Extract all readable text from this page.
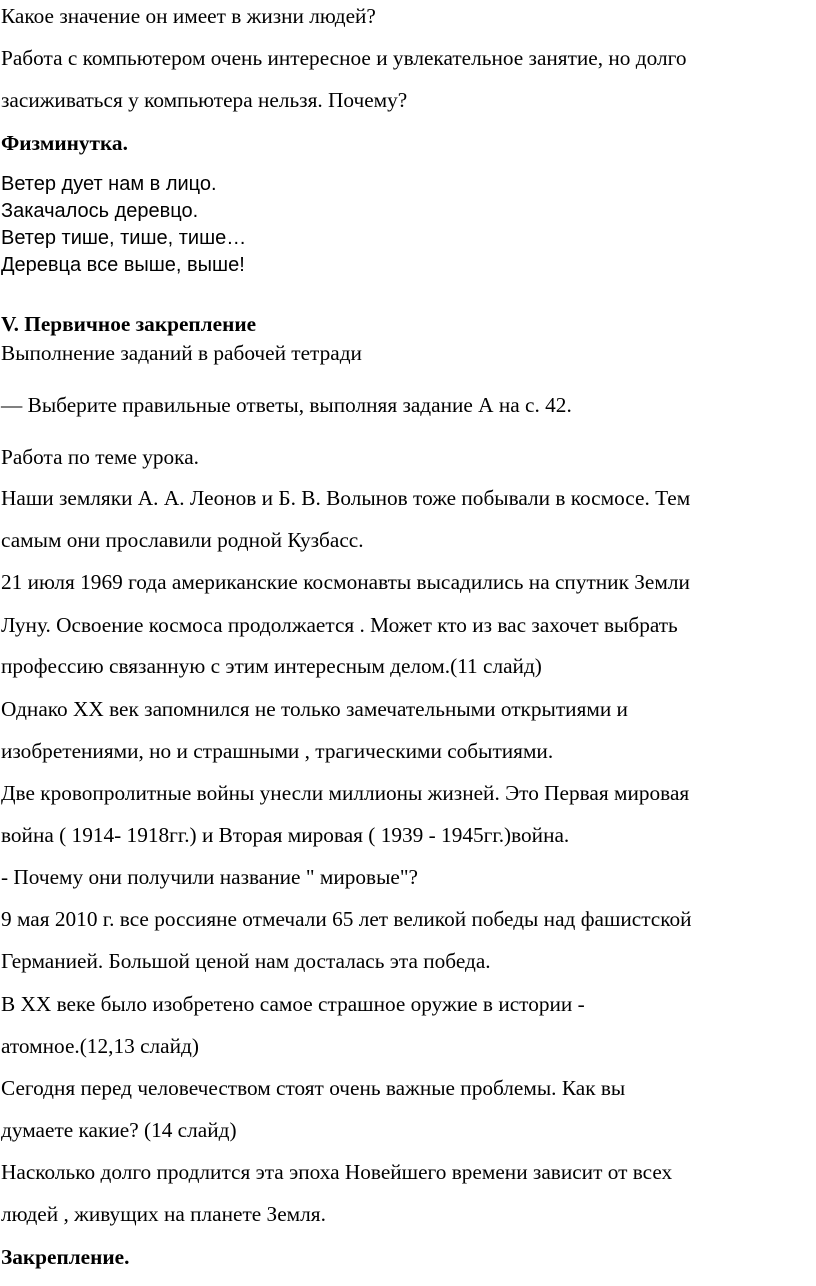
Какое значение он имеет в жизни людей?

Работа с компьютером очень интересное и увлекательное занятие, но долго

засиживаться у компьютера нельзя. Почему?

Физминутка.

Ветер дует нам в лицо.

Закачалось деревцо.

Ветер тише, тише, тише…

Деревца все выше, выше!

V. Первичное закрепление

Выполнение заданий в рабочей тетради

— Выберите правильные ответы, выполняя задание А на с. 42.

Работа по теме урока.

Наши земляки А. А. Леонов и Б. В. Волынов тоже побывали в космосе. Тем

самым они прославили родной Кузбасс.

21 июля 1969 года американские космонавты высадились на спутник Земли

Луну. Освоение космоса продолжается . Может кто из вас захочет выбрать

профессию связанную с этим интересным делом.(11 слайд)

Однако XX век запомнился не только замечательными открытиями и

изобретениями, но и страшными , трагическими событиями.

Две кровопролитные войны унесли миллионы жизней. Это Первая мировая

война ( 1914- 1918гг.) и Вторая мировая ( 1939 - 1945гг.)война.

- Почему они получили название " мировые"?

9 мая 2010 г. все россияне отмечали 65 лет великой победы над фашистской

Германией. Большой ценой нам досталась эта победа.

В XX веке было изобретено самое страшное оружие в истории -

атомное.(12,13 слайд)

Сегодня перед человечеством стоят очень важные проблемы. Как вы

думаете какие? (14 слайд)

Насколько долго продлится эта эпоха Новейшего времени зависит от всех

людей , живущих на планете Земля.

Закрепление.
